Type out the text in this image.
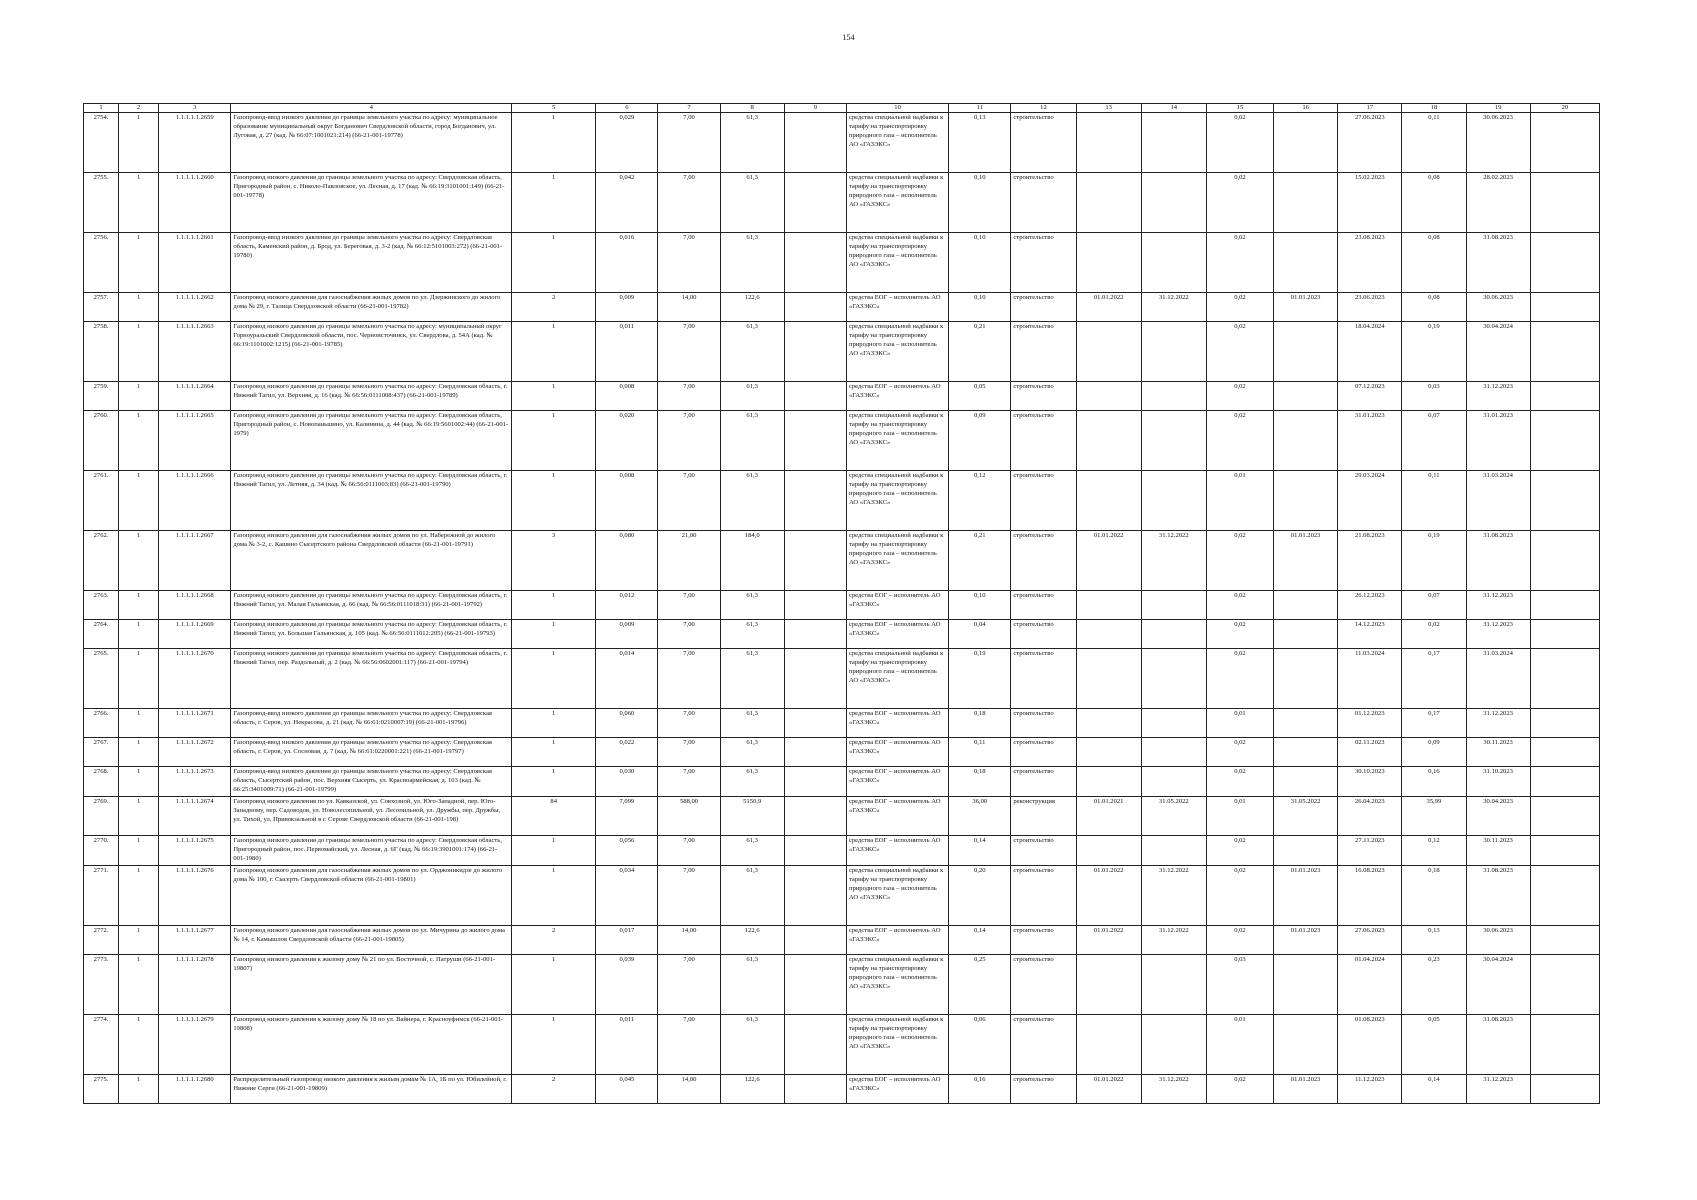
154
1	2	3	4	5	6	7	8	9	10	11	12	13	14	15	16	17	18	19	20
2754.	1	1.1.1.1.1.2659	Газопровод-ввод низкого давления до границы земельного участка по адресу: муниципальное образование муниципальный округ Богданович Свердловской области, город Богданович, ул. Луговая, д. 27 (кад. № 66:07:1001021:214) (66-21-001-19778)	1	0,029	7,00	61,3		средства специальной надбавки к тарифу на транспортировку природного газа – исполнитель АО «ГАЗЭКС»	0,13	строительство			0,02		27.06.2023	0,11	30.06.2023	
2755.	1	1.1.1.1.1.2660	Газопровод низкого давления до границы земельного участка по адресу: Свердловская область, Пригородный район, с. Николо-Павловское, ул. Лесная, д. 17 (кад. № 66:19:3101001:149) (66-21-001-19778)	1	0,042	7,00	61,3		средства специальной надбавки к тарифу на транспортировку природного газа – исполнитель АО «ГАЗЭКС»	0,10	строительство			0,02		15.02.2023	0,08	28.02.2023	
2756.	1	1.1.1.1.1.2661	Газопровод-ввод низкого давления до границы земельного участка по адресу: Свердловская область, Каменский район, д. Брод, ул. Береговая, д. 3-2 (кад. № 66:12:5101003:272) (66-21-001-19780)	1	0,016	7,00	61,3		средства специальной надбавки к тарифу на транспортировку природного газа – исполнитель АО «ГАЗЭКС»	0,10	строительство			0,02		23.08.2023	0,08	31.08.2023	
2757.	1	1.1.1.1.1.2662	Газопровод низкого давления для газоснабжения жилых домов по ул. Дзержинского до жилого дома № 29, г. Талица Свердловской области (66-21-001-19782)	2	0,009	14,00	122,6		средства ЕОГ – исполнитель АО «ГАЗЭКС»	0,10	строительство	01.01.2022	31.12.2022	0,02	01.01.2023	23.06.2023	0,08	30.06.2023	
2758.	1	1.1.1.1.1.2663	Газопровод низкого давления до границы земельного участка по адресу: муниципальный округ Горноуральский Свердловской области, пос. Черноисточинск, ул. Свердлова, д. 54А (кад. № 66:19:1101002:1215) (66-21-001-19785)	1	0,011	7,00	61,3		средства специальной надбавки к тарифу на транспортировку природного газа – исполнитель АО «ГАЗЭКС»	0,21	строительство			0,02		18.04.2024	0,19	30.04.2024	
2759.	1	1.1.1.1.1.2664	Газопровод низкого давления до границы земельного участка по адресу: Свердловская область, г. Нижний Тагил, ул. Верхняя, д. 16 (кад. № 66:56:0111008:437) (66-21-001-19789)	1	0,008	7,00	61,3		средства ЕОГ – исполнитель АО «ГАЗЭКС»	0,05	строительство			0,02		07.12.2023	0,03	31.12.2023	
2760.	1	1.1.1.1.1.2665	Газопровод низкого давления до границы земельного участка по адресу: Свердловская область, Пригородный район, с. Новопаньшино, ул. Калинина, д. 44 (кад. № 66:19:5601002:44) (66-21-001-1979)	1	0,020	7,00	61,3		средства специальной надбавки к тарифу на транспортировку природного газа – исполнитель АО «ГАЗЭКС»	0,09	строительство			0,02		31.01.2023	0,07	31.01.2023	
2761.	1	1.1.1.1.1.2666	Газопровод низкого давления до границы земельного участка по адресу: Свердловская область, г. Нижний Тагил, ул. Летняя, д. 34 (кад. № 66:56:0111003:83) (66-21-001-19790)	1	0,008	7,00	61,3		средства специальной надбавки к тарифу на транспортировку природного газа – исполнитель АО «ГАЗЭКС»	0,12	строительство			0,01		29.03.2024	0,11	31.03.2024	
2762.	1	1.1.1.1.1.2667	Газопровод низкого давления для газоснабжения жилых домов по ул. Набережной до жилого дома № 3-2, с. Кашино Сысертского района Свердловской области (66-21-001-19791)	3	0,080	21,00	184,0		средства специальной надбавки к тарифу на транспортировку природного газа – исполнитель АО «ГАЗЭКС»	0,21	строительство	01.01.2022	31.12.2022	0,02	01.01.2023	21.08.2023	0,19	31.08.2023	
2763.	1	1.1.1.1.1.2668	Газопровод низкого давления до границы земельного участка по адресу: Свердловская область, г. Нижний Тагил, ул. Малая Гальянская, д. 66 (кад. № 66:56:0111018:31) (66-21-001-19792)	1	0,012	7,00	61,3		средства ЕОГ – исполнитель АО «ГАЗЭКС»	0,10	строительство			0,02		26.12.2023	0,07	31.12.2023	
2764.	1	1.1.1.1.1.2669	Газопровод низкого давления до границы земельного участка по адресу: Свердловская область, г. Нижний Тагил, ул. Большая Гальянская, д. 105 (кад. № 66:56:0111012:205) (66-21-001-19793)	1	0,009	7,00	61,3		средства ЕОГ – исполнитель АО «ГАЗЭКС»	0,04	строительство			0,02		14.12.2023	0,02	31.12.2023	
2765.	1	1.1.1.1.1.2670	Газопровод низкого давления до границы земельного участка по адресу: Свердловская область, г. Нижний Тагил, пер. Раздольный, д. 2 (кад. № 66:56:0602001:117) (66-21-001-19794)	1	0,014	7,00	61,3		средства специальной надбавки к тарифу на транспортировку природного газа – исполнитель АО «ГАЗЭКС»	0,19	строительство			0,02		11.03.2024	0,17	31.03.2024	
2766.	1	1.1.1.1.1.2671	Газопровод-ввод низкого давления до границы земельного участка по адресу: Свердловская область, г. Серов, ул. Некрасова, д. 21 (кад. № 66:61:0210007:19) (66-21-001-19796)	1	0,060	7,00	61,3		средства ЕОГ – исполнитель АО «ГАЗЭКС»	0,18	строительство			0,01		01.12.2023	0,17	31.12.2023	
2767.	1	1.1.1.1.1.2672	Газопровод-ввод низкого давления до границы земельного участка по адресу: Свердловская область, г. Серов, ул. Сосновая, д. 7 (кад. № 66:61:0220001:221) (66-21-001-19797)	1	0,022	7,00	61,3		средства ЕОГ – исполнитель АО «ГАЗЭКС»	0,11	строительство			0,02		02.11.2023	0,09	30.11.2023	
2768.	1	1.1.1.1.1.2673	Газопровод-ввод низкого давления до границы земельного участка по адресу: Свердловская область, Сысертский район, пос. Верхняя Сысерть, ул. Красноармейская, д. 103 (кад. № 66:25:3401009:71) (66-21-001-19799)	1	0,030	7,00	61,3		средства ЕОГ – исполнитель АО «ГАЗЭКС»	0,18	строительство			0,02		30.10.2023	0,16	31.10.2023	
2769.	1	1.1.1.1.1.2674	Газопровод низкого давления по ул. Кавказской, ул. Совхозной, ул. Юго-Западной, пер. Юго-Западному, пер. Садоводов, ул. Новолесопильной, ул. Лесопильной, ул. Дружбы, пер. Дружбы, ул. Тихой, ул. Привокзальной в г. Серове Свердловской области (66-21-001-198)	84	7,099	588,00	5150,9		средства ЕОГ – исполнитель АО «ГАЗЭКС»	36,00	реконструкция	01.01.2021	31.05.2022	0,01	31.05.2022	26.04.2023	35,99	30.04.2023	
2770.	1	1.1.1.1.1.2675	Газопровод низкого давления до границы земельного участка по адресу: Свердловская область, Пригородный район, пос. Первомайский, ул. Лесная, д. 6Г (кад. № 66:19:3901001:174) (66-21-001-1980)	1	0,056	7,00	61,3		средства ЕОГ – исполнитель АО «ГАЗЭКС»	0,14	строительство			0,02		27.11.2023	0,12	30.11.2023	
2771.	1	1.1.1.1.1.2676	Газопровод низкого давления для газоснабжения жилых домов по ул. Орджоникидзе до жилого дома № 100, г. Сысерть Свердловской области (66-21-001-19801)	1	0,034	7,00	61,3		средства специальной надбавки к тарифу на транспортировку природного газа – исполнитель АО «ГАЗЭКС»	0,20	строительство	01.01.2022	31.12.2022	0,02	01.01.2023	16.08.2023	0,18	31.08.2023	
2772.	1	1.1.1.1.1.2677	Газопровод низкого давления для газоснабжения жилых домов по ул. Мичурина до жилого дома № 14, г. Камышлов Свердловской области (66-21-001-19805)	2	0,017	14,00	122,6		средства ЕОГ – исполнитель АО «ГАЗЭКС»	0,14	строительство	01.01.2022	31.12.2022	0,02	01.01.2023	27.06.2023	0,13	30.06.2023	
2773.	1	1.1.1.1.1.2678	Газопровод низкого давления к жилому дому № 21 по ул. Восточной, с. Патруши (66-21-001-19807)	1	0,039	7,00	61,3		средства специальной надбавки к тарифу на транспортировку природного газа – исполнитель АО «ГАЗЭКС»	0,25	строительство			0,03		01.04.2024	0,23	30.04.2024	
2774.	1	1.1.1.1.1.2679	Газопровод низкого давления к жилому дому № 18 по ул. Вайнера, г. Красноуфимск (66-21-001-19808)	1	0,011	7,00	61,3		средства специальной надбавки к тарифу на транспортировку природного газа – исполнитель АО «ГАЗЭКС»	0,06	строительство			0,01		01.08.2023	0,05	31.08.2023	
2775.	1	1.1.1.1.1.2680	Распределительный газопровод низкого давления к жилым домам № 1А, 1Б по ул. Юбилейной, г. Нижние Серги (66-21-001-19809)	2	0,045	14,00	122,6		средства ЕОГ – исполнитель АО «ГАЗЭКС»	0,16	строительство	01.01.2022	31.12.2022	0,02	01.01.2023	11.12.2023	0,14	31.12.2023	
